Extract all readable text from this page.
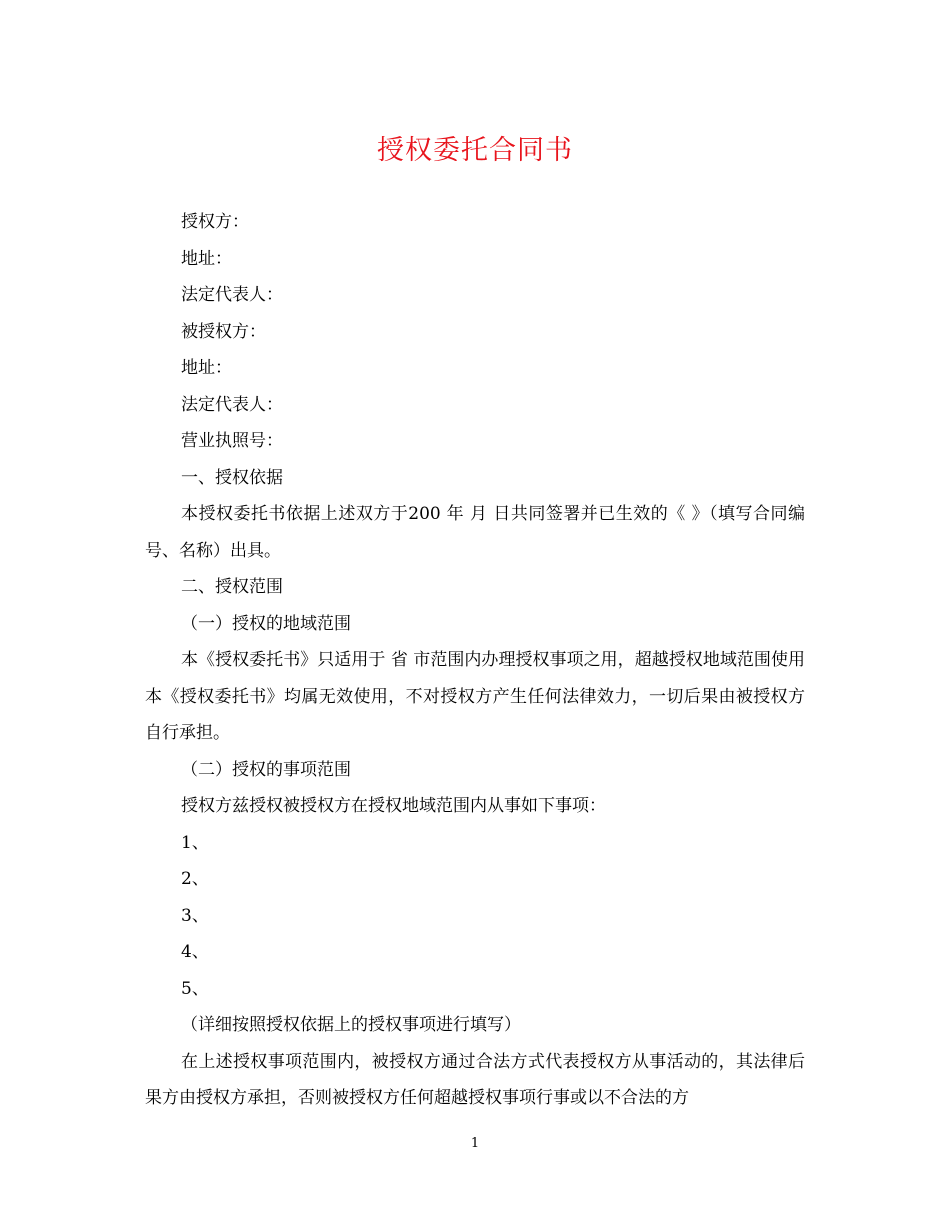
授权委托合同书

授权方：

地址：

法定代表人：

被授权方：

地址：

法定代表人：

营业执照号：

一、授权依据

本授权委托书依据上述双方于200 年 月 日共同签署并已生效的《 》（填写合同编号、名称）出具。

二、授权范围

（一）授权的地域范围

本《授权委托书》只适用于 省 市范围内办理授权事项之用，超越授权地域范围使用本《授权委托书》均属无效使用，不对授权方产生任何法律效力，一切后果由被授权方自行承担。

（二）授权的事项范围

授权方兹授权被授权方在授权地域范围内从事如下事项：

1、

2、

3、

4、

5、

（详细按照授权依据上的授权事项进行填写）

在上述授权事项范围内，被授权方通过合法方式代表授权方从事活动的，其法律后果方由授权方承担，否则被授权方任何超越授权事项行事或以不合法的方

1
